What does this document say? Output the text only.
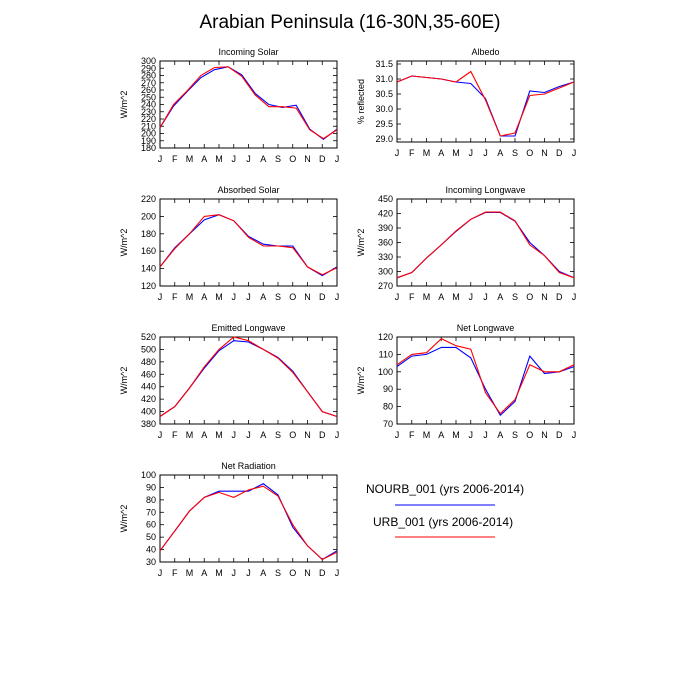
Arabian Peninsula (16-30N,35-60E)
Incoming Solar
W/m^2
180
190
200
210
220
230
240
250
260
270
280
290
300
J F M A M J J A S O N D J
Albedo
% reflected
29.0
29.5
30.0
30.5
31.0
31.5
J F M A M J J A S O N D J
Absorbed Solar
W/m^2
120
140
160
180
200
220
J F M A M J J A S O N D J
Incoming Longwave
W/m^2
270
300
330
360
390
420
450
J F M A M J J A S O N D J
Emitted Longwave
W/m^2
380
400
420
440
460
480
500
520
J F M A M J J A S O N D J
Net Longwave
W/m^2
70
80
90
100
110
120
J F M A M J J A S O N D J
Net Radiation
W/m^2
30
40
50
60
70
80
90
100
J F M A M J J A S O N D J
NOURB_001 (yrs 2006-2014)
URB_001 (yrs 2006-2014)
